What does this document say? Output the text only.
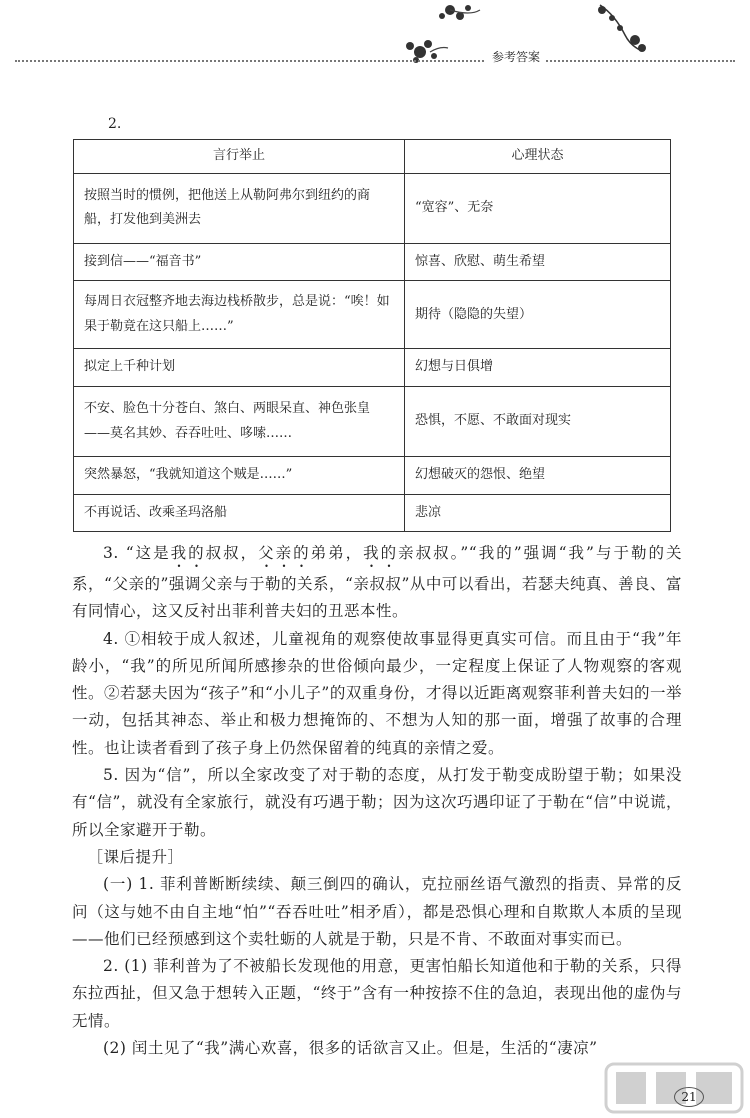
参考答案
2.
言行举止	心理状态
按照当时的惯例，把他送上从勒阿弗尔到纽约的商船，打发他到美洲去	“宽容”、无奈
接到信——“福音书”	惊喜、欣慰、萌生希望
每周日衣冠整齐地去海边栈桥散步，总是说：“唉！如果于勒竟在这只船上……”	期待（隐隐的失望）
拟定上千种计划	幻想与日俱增
不安、脸色十分苍白、煞白、两眼呆直、神色张皇——莫名其妙、吞吞吐吐、哆嗦……	恐惧，不愿、不敢面对现实
突然暴怒，“我就知道这个贼是……”	幻想破灭的怨恨、绝望
不再说话、改乘圣玛洛船	悲凉

3. “这是我的叔叔，父亲的弟弟，我的亲叔叔。”“我的”强调“我”与于勒的关系，“父亲的”强调父亲与于勒的关系，“亲叔叔”从中可以看出，若瑟夫纯真、善良、富有同情心，这又反衬出菲利普夫妇的丑恶本性。

4. ①相较于成人叙述，儿童视角的观察使故事显得更真实可信。而且由于“我”年龄小，“我”的所见所闻所感掺杂的世俗倾向最少，一定程度上保证了人物观察的客观性。②若瑟夫因为“孩子”和“小儿子”的双重身份，才得以近距离观察菲利普夫妇的一举一动，包括其神态、举止和极力想掩饰的、不想为人知的那一面，增强了故事的合理性。也让读者看到了孩子身上仍然保留着的纯真的亲情之爱。

5. 因为“信”，所以全家改变了对于勒的态度，从打发于勒变成盼望于勒；如果没有“信”，就没有全家旅行，就没有巧遇于勒；因为这次巧遇印证了于勒在“信”中说谎，所以全家避开于勒。

［课后提升］

(一) 1. 菲利普断断续续、颠三倒四的确认，克拉丽丝语气激烈的指责、异常的反问（这与她不由自主地“怕”“吞吞吐吐”相矛盾），都是恐惧心理和自欺欺人本质的呈现——他们已经预感到这个卖牡蛎的人就是于勒，只是不肯、不敢面对事实而已。

2. (1) 菲利普为了不被船长发现他的用意，更害怕船长知道他和于勒的关系，只得东拉西扯，但又急于想转入正题，“终于”含有一种按捺不住的急迫，表现出他的虚伪与无情。

(2) 闰土见了“我”满心欢喜，很多的话欲言又止。但是，生活的“凄凉”

21
